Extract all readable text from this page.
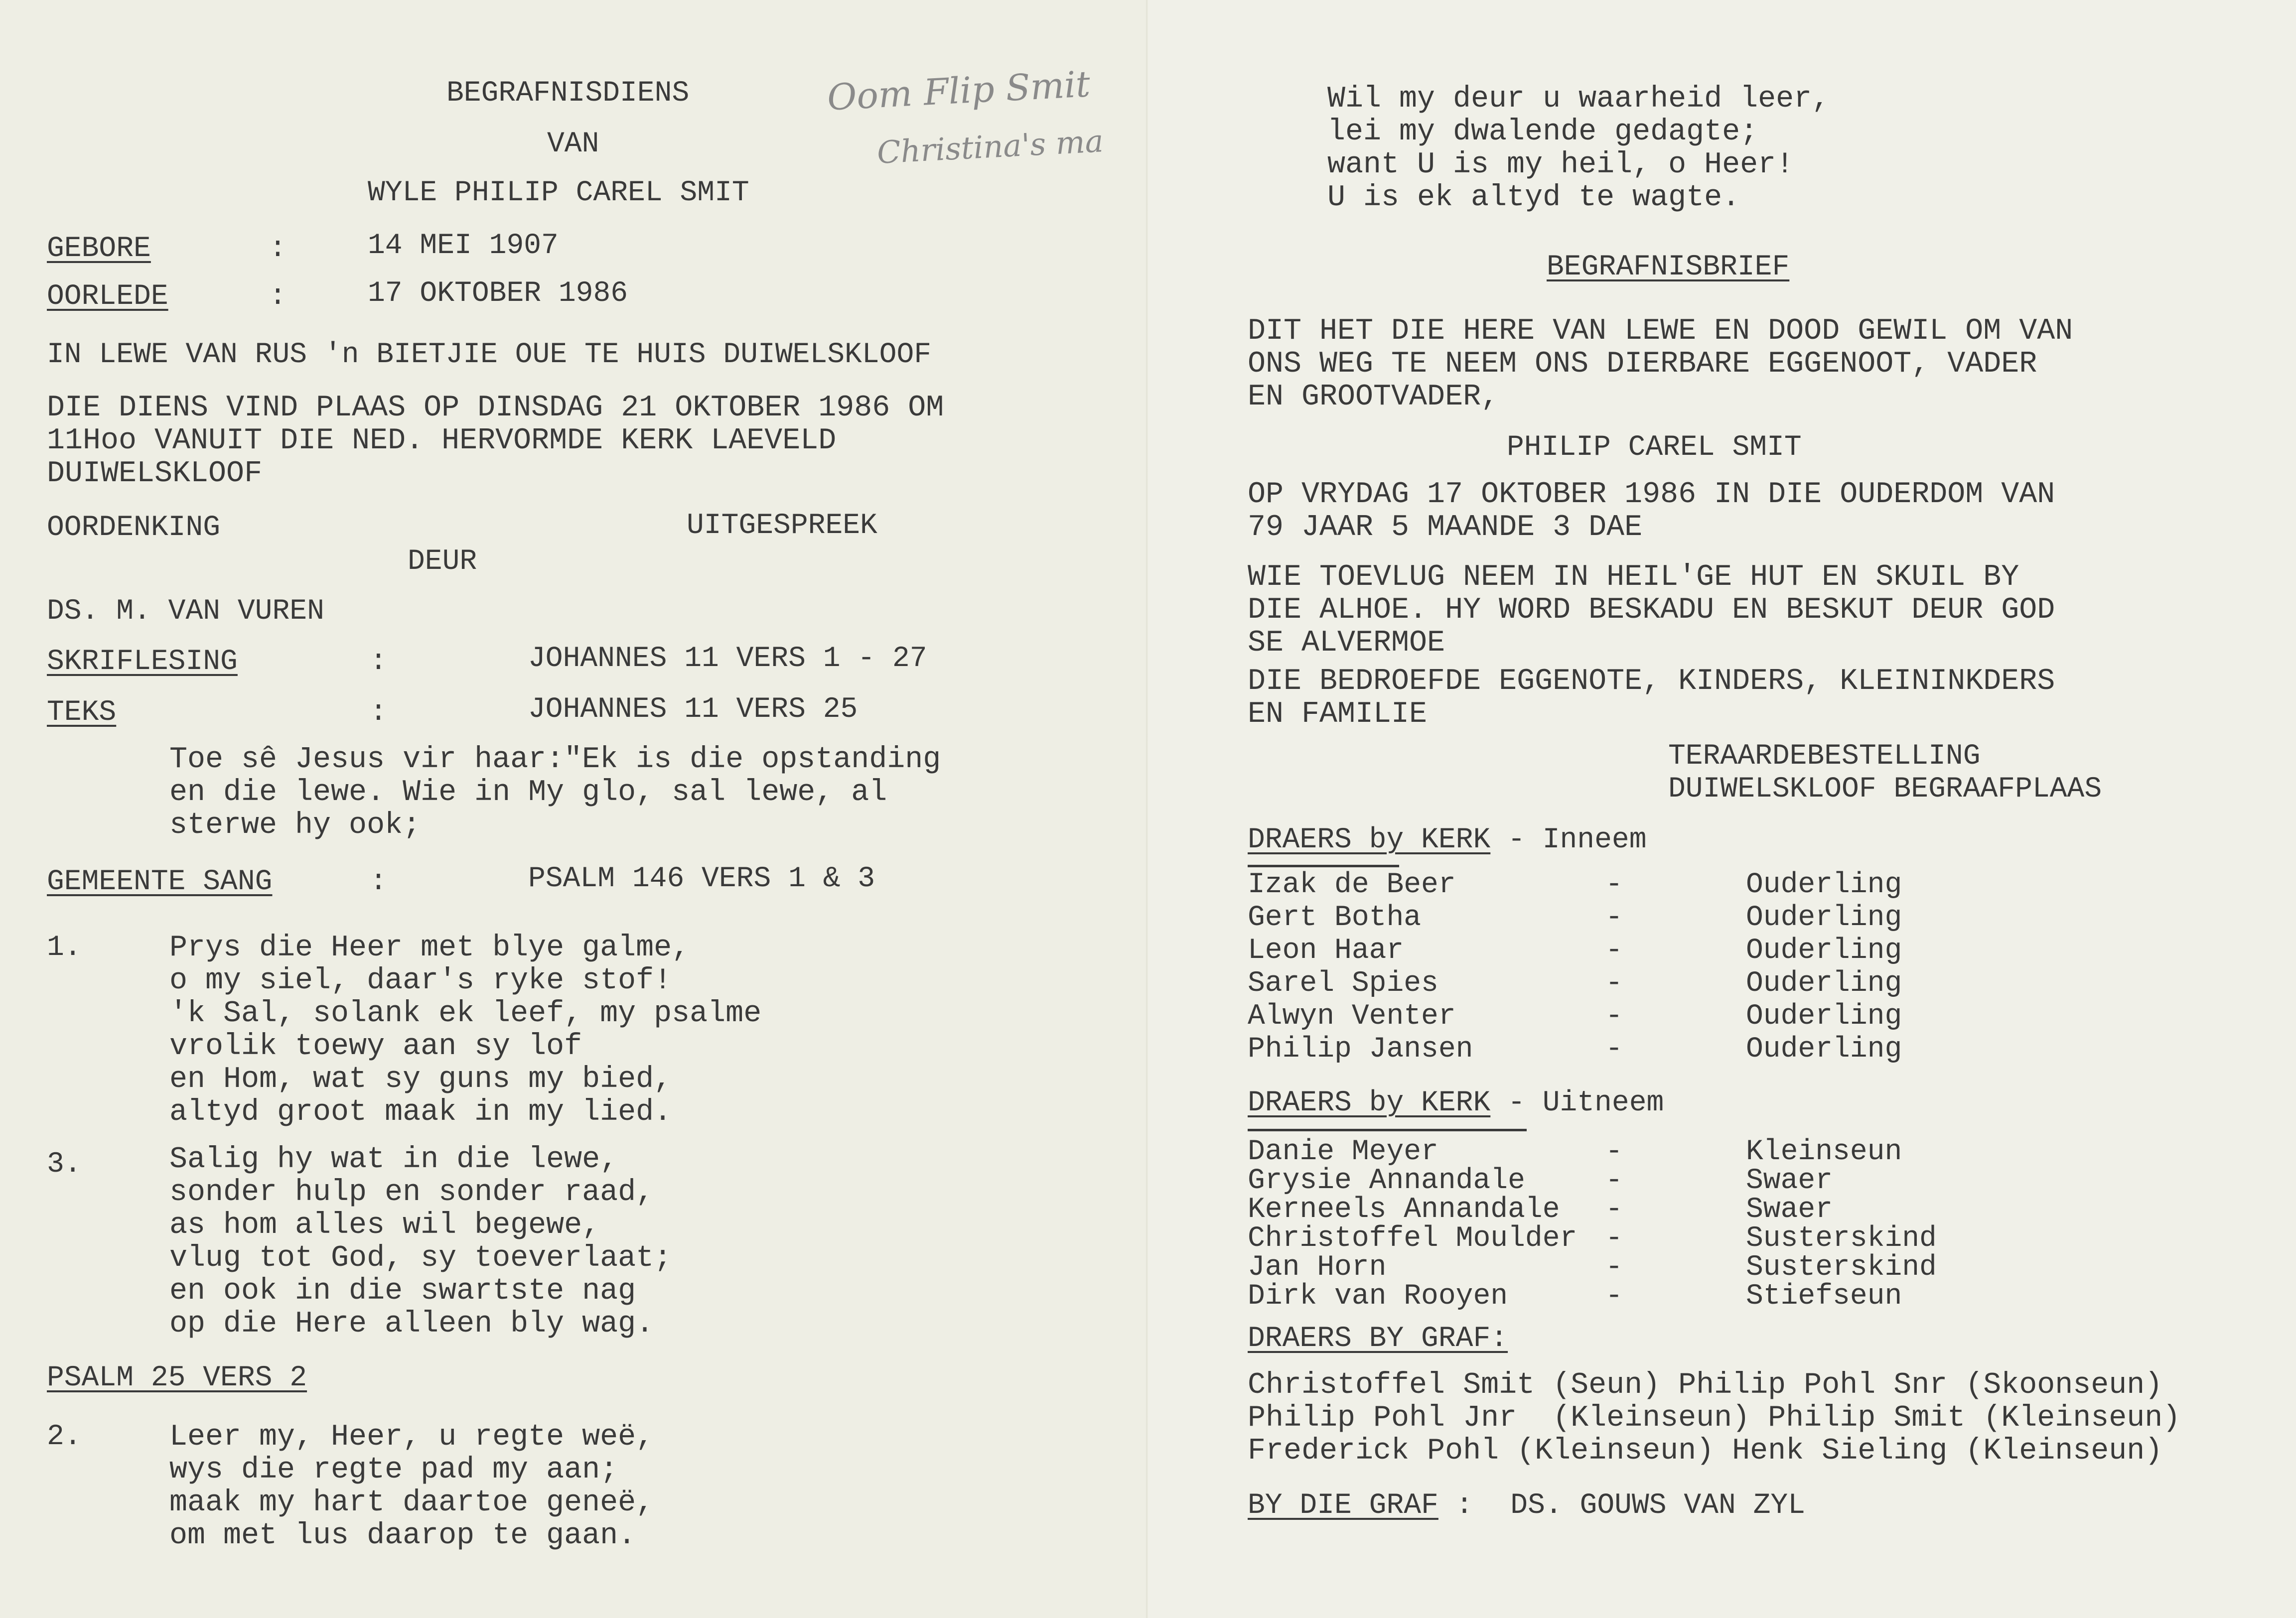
BEGRAFNISDIENS	Oom Flip Smit
VAN	Christina's ma
WYLE PHILIP CAREL SMIT
GEBORE	:	14 MEI 1907
OORLEDE	:	17 OKTOBER 1986
IN LEWE VAN RUS 'n BIETJIE OUE TE HUIS DUIWELSKLOOF
DIE DIENS VIND PLAAS OP DINSDAG 21 OKTOBER 1986 OM
11Hoo VANUIT DIE NED. HERVORMDE KERK LAEVELD
DUIWELSKLOOF
OORDENKING	UITGESPREEK
DEUR
DS. M. VAN VUREN
SKRIFLESING	:	JOHANNES 11 VERS 1 - 27
TEKS	:	JOHANNES 11 VERS 25
Toe sê Jesus vir haar:"Ek is die opstanding
en die lewe. Wie in My glo, sal lewe, al
sterwe hy ook;
GEMEENTE SANG	:	PSALM 146 VERS 1 & 3
1.	Prys die Heer met blye galme,
o my siel, daar's ryke stof!
'k Sal, solank ek leef, my psalme
vrolik toewy aan sy lof
en Hom, wat sy guns my bied,
altyd groot maak in my lied.
3.	Salig hy wat in die lewe,
sonder hulp en sonder raad,
as hom alles wil begewe,
vlug tot God, sy toeverlaat;
en ook in die swartste nag
op die Here alleen bly wag.
PSALM 25 VERS 2
2.	Leer my, Heer, u regte weë,
wys die regte pad my aan;
maak my hart daartoe geneë,
om met lus daarop te gaan.
Wil my deur u waarheid leer,
lei my dwalende gedagte;
want U is my heil, o Heer!
U is ek altyd te wagte.
BEGRAFNISBRIEF
DIT HET DIE HERE VAN LEWE EN DOOD GEWIL OM VAN
ONS WEG TE NEEM ONS DIERBARE EGGENOOT, VADER
EN GROOTVADER,
PHILIP CAREL SMIT
OP VRYDAG 17 OKTOBER 1986 IN DIE OUDERDOM VAN
79 JAAR 5 MAANDE 3 DAE
WIE TOEVLUG NEEM IN HEIL'GE HUT EN SKUIL BY
DIE ALHOE. HY WORD BESKADU EN BESKUT DEUR GOD
SE ALVERMOE
DIE BEDROEFDE EGGENOTE, KINDERS, KLEININKDERS
EN FAMILIE
TERAARDEBESTELLING
DUIWELSKLOOF BEGRAAFPLAAS
DRAERS by KERK - Inneem
Izak de Beer	-	Ouderling
Gert Botha	-	Ouderling
Leon Haar	-	Ouderling
Sarel Spies	-	Ouderling
Alwyn Venter	-	Ouderling
Philip Jansen	-	Ouderling
DRAERS by KERK - Uitneem
Danie Meyer	-	Kleinseun
Grysie Annandale	-	Swaer
Kerneels Annandale -	Swaer
Christoffel Moulder -	Susterskind
Jan Horn	-	Susterskind
Dirk van Rooyen	-	Stiefseun
DRAERS BY GRAF:
Christoffel Smit (Seun) Philip Pohl Snr (Skoonseun)
Philip Pohl Jnr  (Kleinseun) Philip Smit (Kleinseun)
Frederick Pohl (Kleinseun) Henk Sieling (Kleinseun)
BY DIE GRAF : DS. GOUWS VAN ZYL
